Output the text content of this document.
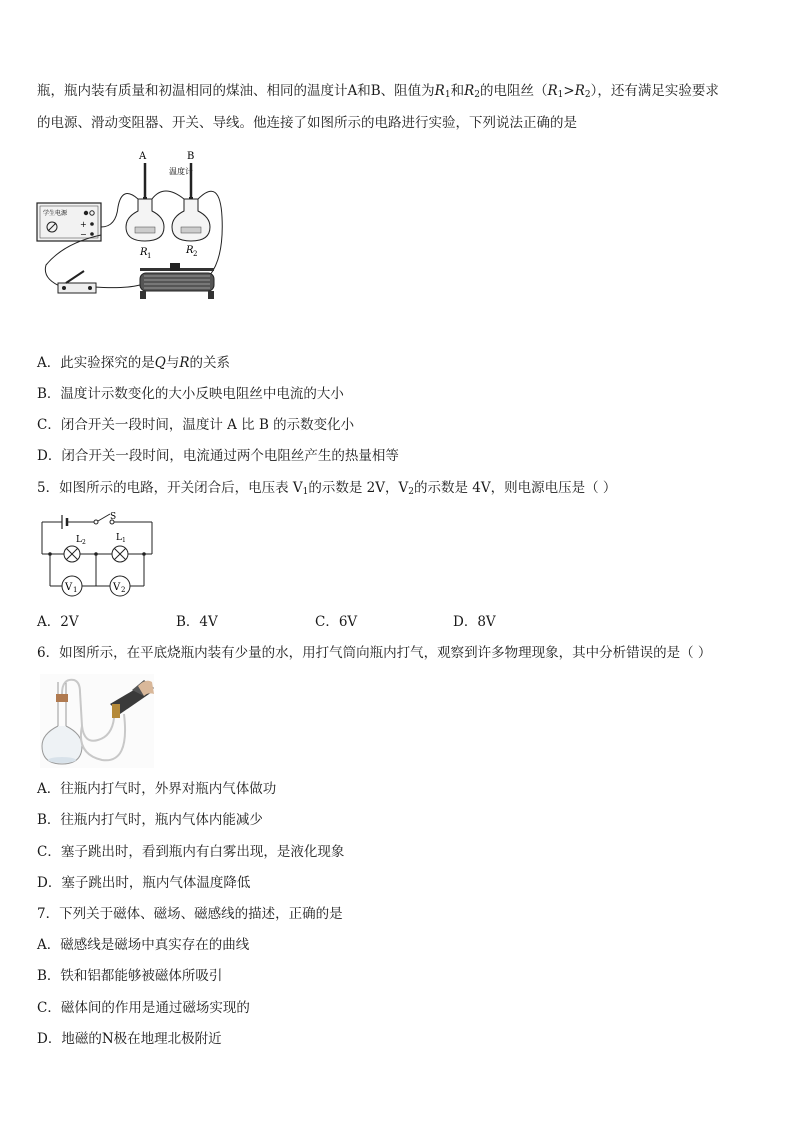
瓶，瓶内装有质量和初温相同的煤油、相同的温度计A和B、阻值为$R_1$和$R_2$的电阻丝$(R_1>R_2)$，还有满足实验要求
的电源、滑动变阻器、开关、导线。他连接了如图所示的电路进行实验，下列说法正确的是
A	B
温度计
学生电源
+
−
R 1	R 2
A．此实验探究的是Q与R的关系
B．温度计示数变化的大小反映电阻丝中电流的大小
C．闭合开关一段时间，温度计 A 比 B 的示数变化小
D．闭合开关一段时间，电流通过两个电阻丝产生的热量相等
5．如图所示的电路，开关闭合后，电压表 $V_1$的示数是 2V，$V_2$的示数是 4V，则电源电压是（ ）
S
L 2	L 1
V 1	V 2
A．2V	B．4V	C．6V	D．8V
6．如图所示，在平底烧瓶内装有少量的水，用打气筒向瓶内打气，观察到许多物理现象，其中分析错误的是（ ）
A．往瓶内打气时，外界对瓶内气体做功
B．往瓶内打气时，瓶内气体内能减少
C．塞子跳出时，看到瓶内有白雾出现，是液化现象
D．塞子跳出时，瓶内气体温度降低
7．下列关于磁体、磁场、磁感线的描述，正确的是
A．磁感线是磁场中真实存在的曲线
B．铁和铝都能够被磁体所吸引
C．磁体间的作用是通过磁场实现的
D．地磁的N极在地理北极附近
